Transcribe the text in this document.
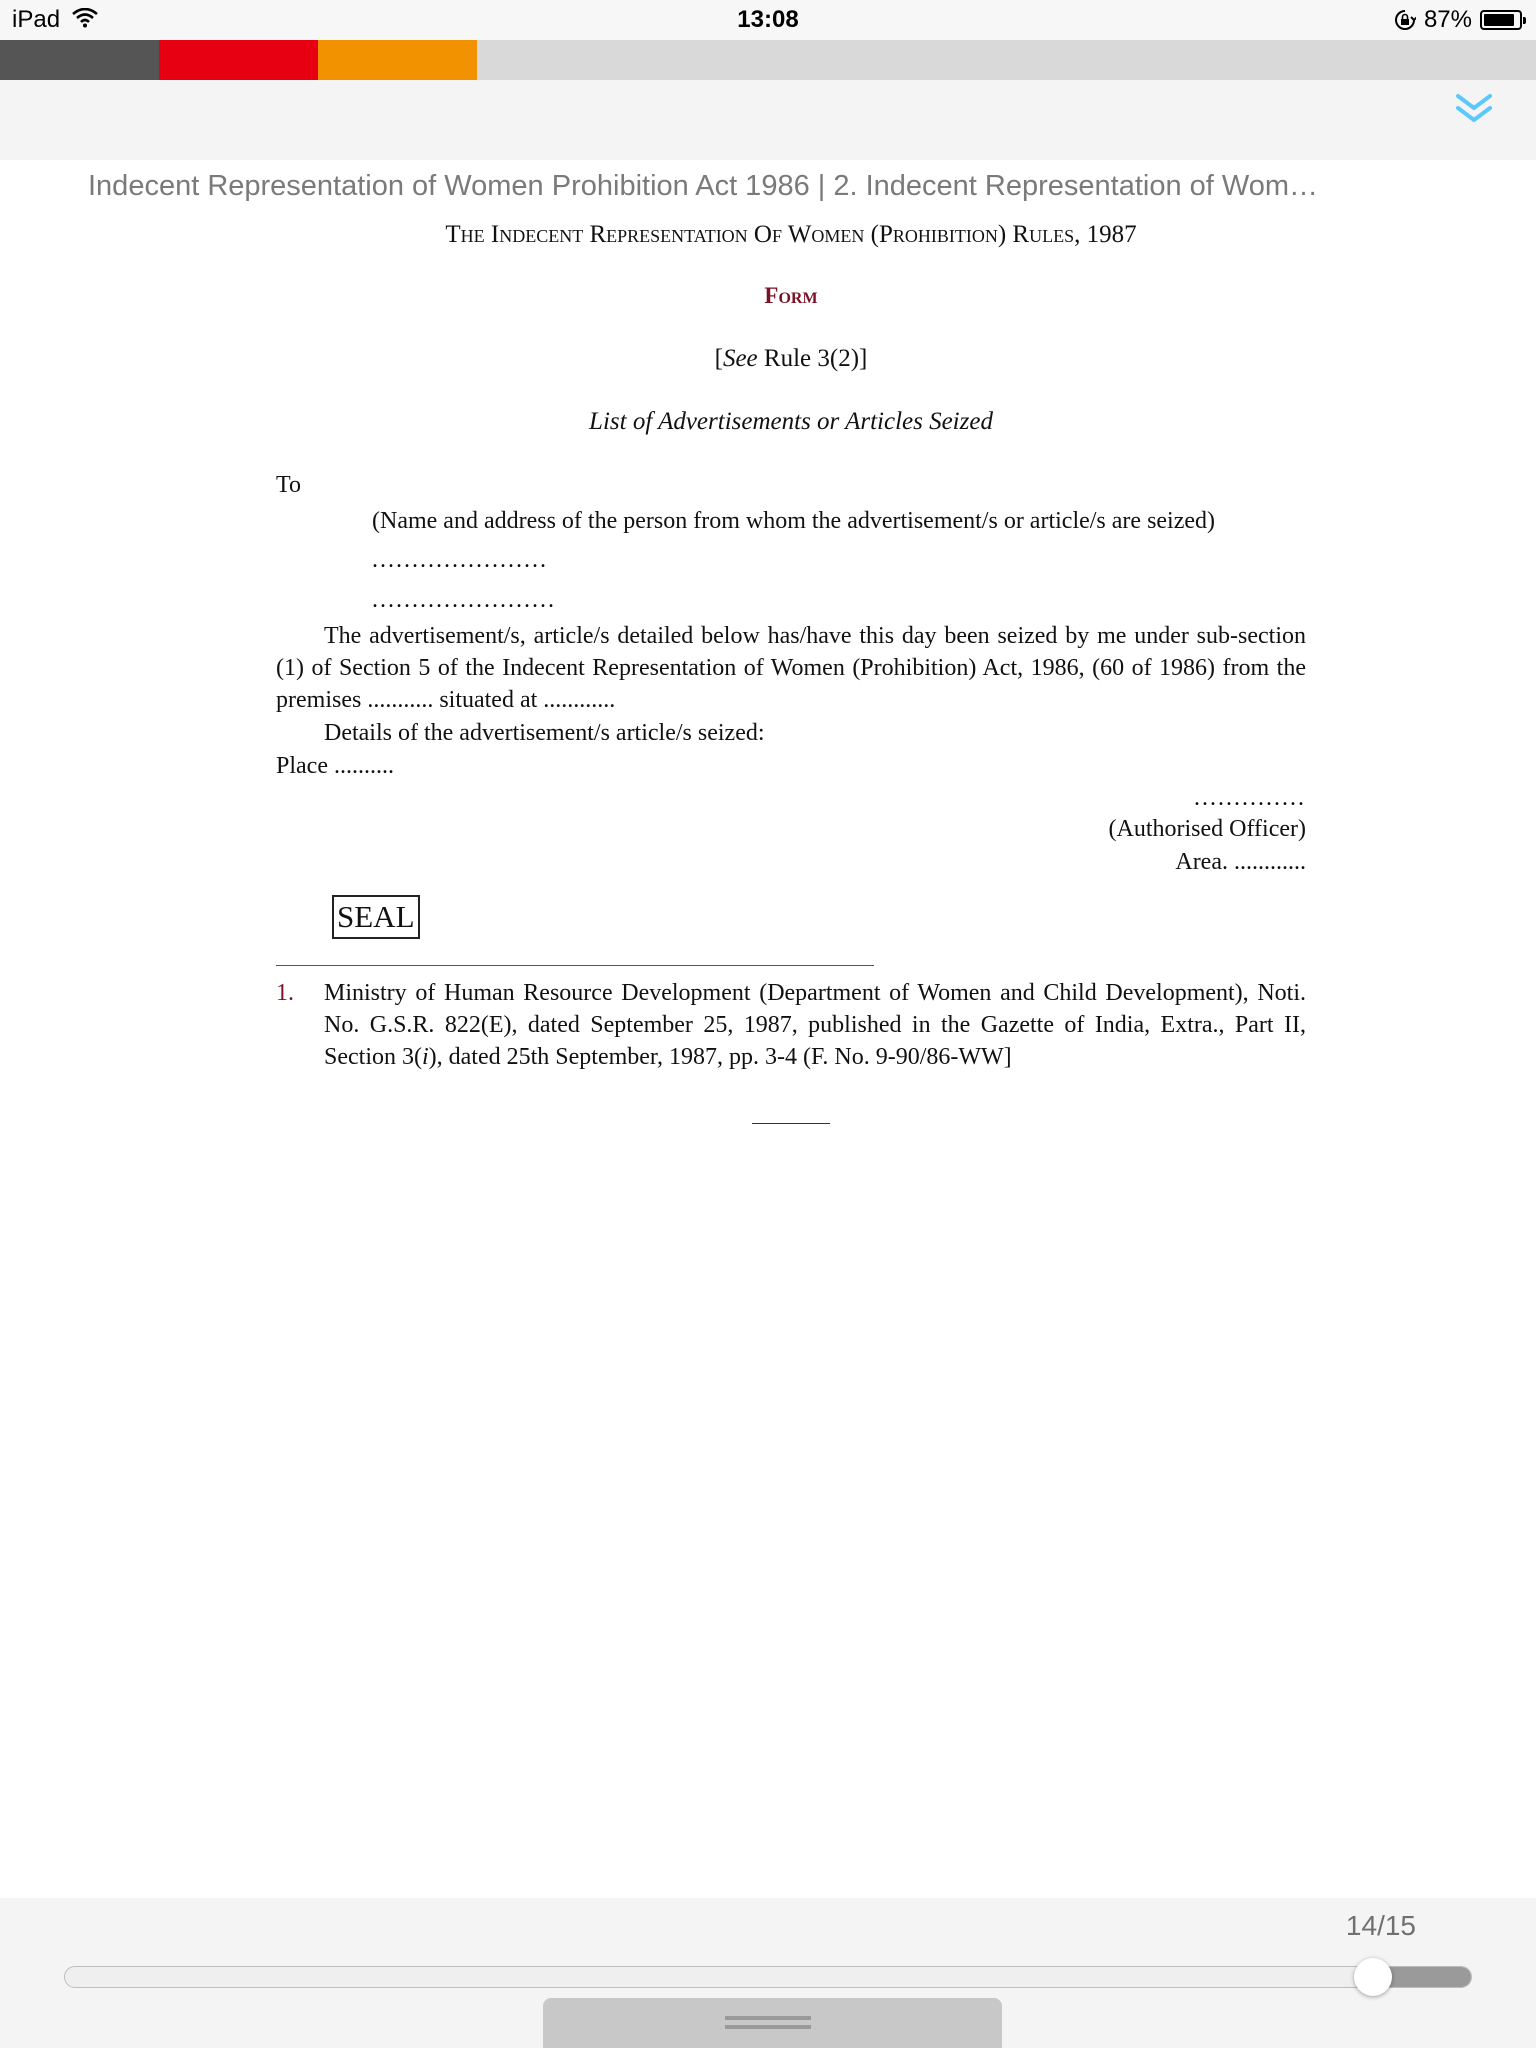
iPad	13:08	87%
Indecent Representation of Women Prohibition Act 1986 | 2. Indecent Representation of Wom…
The Indecent Representation Of Women (Prohibition) Rules, 1987
Form
[See Rule 3(2)]
List of Advertisements or Articles Seized
To
(Name and address of the person from whom the advertisement/s or article/s are seized)
......................
.......................
The advertisement/s, article/s detailed below has/have this day been seized by me under sub-section (1) of Section 5 of the Indecent Representation of Women (Prohibition) Act, 1986, (60 of 1986) from the premises ........... situated at ............
Details of the advertisement/s article/s seized:
Place ..........
..............
(Authorised Officer)
Area. ............
SEAL
1. Ministry of Human Resource Development (Department of Women and Child Development), Noti. No. G.S.R. 822(E), dated September 25, 1987, published in the Gazette of India, Extra., Part II, Section 3(i), dated 25th September, 1987, pp. 3-4 (F. No. 9-90/86-WW]
14/15
